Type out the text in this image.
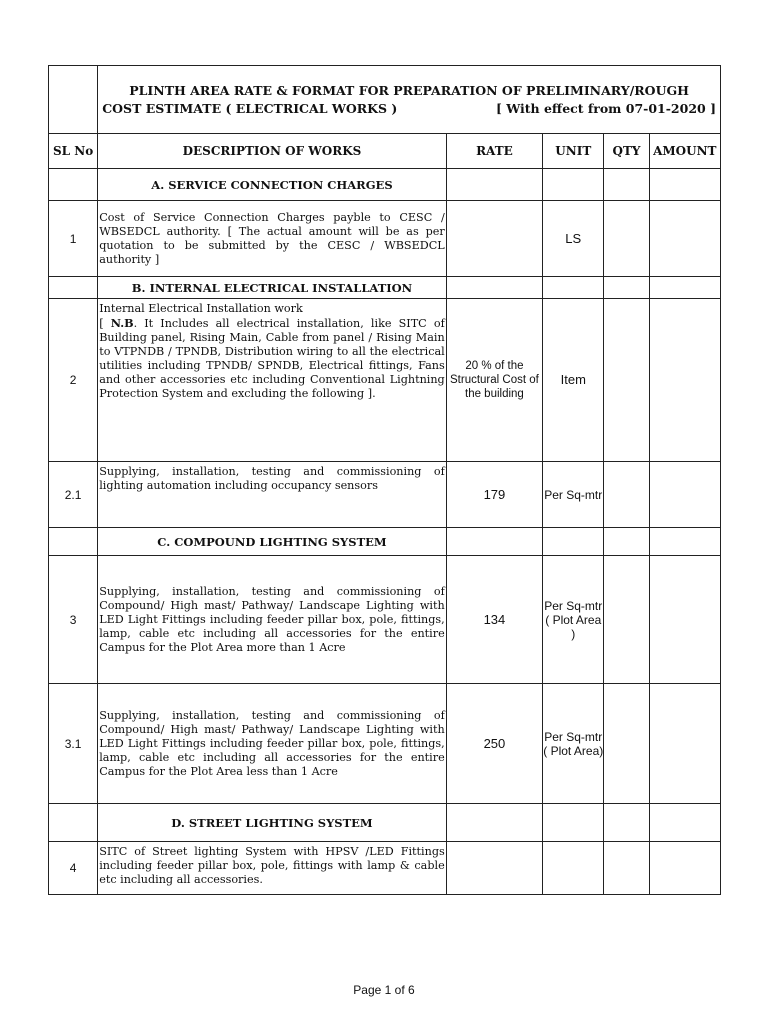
	PLINTH AREA RATE & FORMAT FOR PREPARATION OF PRELIMINARY/ROUGH
COST ESTIMATE ( ELECTRICAL WORKS ) [ With effect from 07-01-2020 ]				

SL No	DESCRIPTION OF WORKS	RATE	UNIT	QTY	AMOUNT
	A. SERVICE CONNECTION CHARGES				
1	Cost of Service Connection Charges payble to CESC / WBSEDCL authority. [ The actual amount will be as per quotation to be submitted by the CESC / WBSEDCL authority ]		LS		
	B. INTERNAL ELECTRICAL INSTALLATION				
2	Internal Electrical Installation work
[ N.B. It Includes all electrical installation, like SITC of Building panel, Rising Main, Cable from panel / Rising Main to VTPNDB / TPNDB, Distribution wiring to all the electrical utilities including TPNDB/ SPNDB, Electrical fittings, Fans and other accessories etc including Conventional Lightning Protection System and excluding the following ].	20 % of the Structural Cost of the building	Item		
2.1	Supplying, installation, testing and commissioning of lighting automation including occupancy sensors	179	Per Sq-mtr		
	C. COMPOUND LIGHTING SYSTEM				
3	Supplying, installation, testing and commissioning of Compound/ High mast/ Pathway/ Landscape Lighting with LED Light Fittings including feeder pillar box, pole, fittings, lamp, cable etc including all accessories for the entire Campus for the Plot Area more than 1 Acre	134	Per Sq-mtr
( Plot Area )		

3.1	Supplying, installation, testing and commissioning of Compound/ High mast/ Pathway/ Landscape Lighting with LED Light Fittings including feeder pillar box, pole, fittings, lamp, cable etc including all accessories for the entire Campus for the Plot Area less than 1 Acre	250	Per Sq-mtr
( Plot Area)		

	D. STREET LIGHTING SYSTEM				
4	SITC of Street lighting System with HPSV /LED Fittings including feeder pillar box, pole, fittings with lamp & cable etc including all accessories.				
Page 1 of 6
